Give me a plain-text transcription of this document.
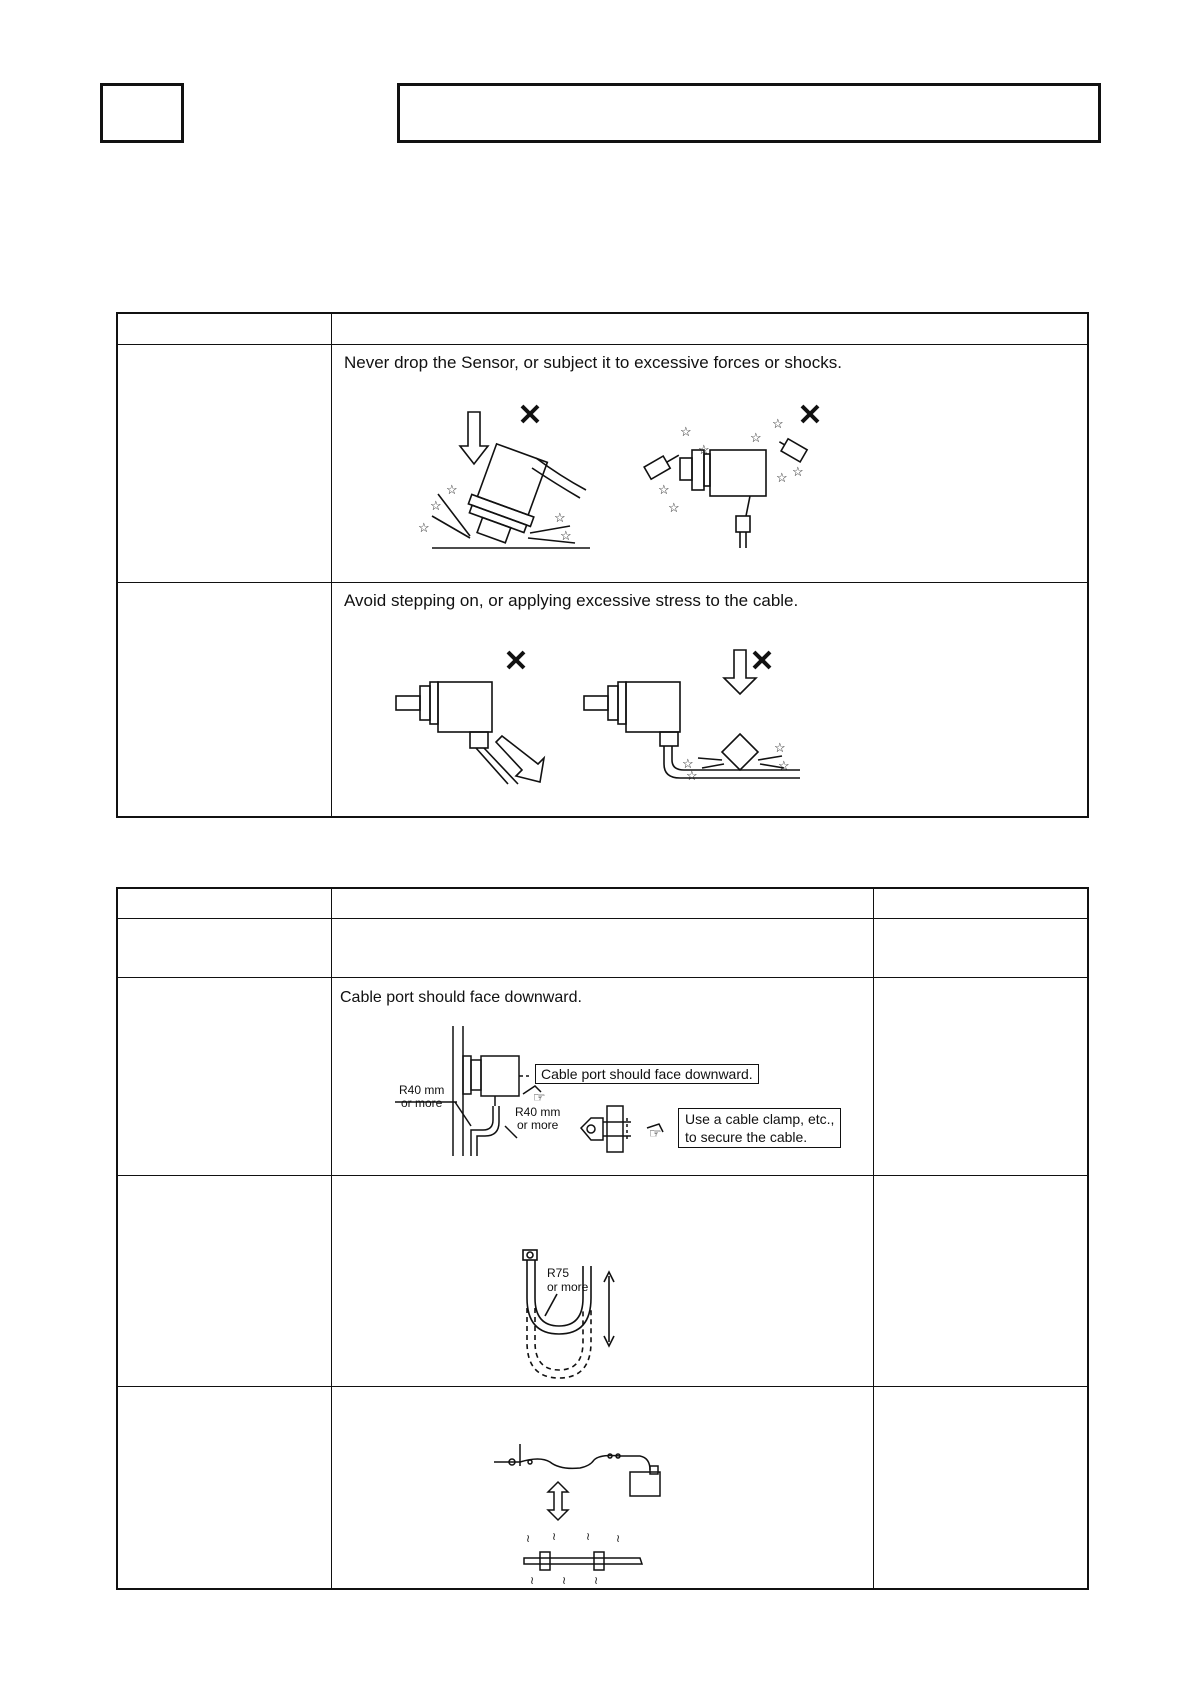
Never drop the Sensor, or subject it to excessive forces or shocks.
Avoid stepping on, or applying excessive stress to the cable.
☆
☆
☆
☆
☆
☆
☆
☆
☆
☆
☆
☆ ☆
☆
☆
☆
☆
Cable port should face downward.
☞
☞
R40 mm
or more
R40 mm
or more
Cable port should face downward.
Use a cable clamp, etc.,
to secure the cable.
R75
or more
≀ ≀	≀ ≀
≀	≀	≀
